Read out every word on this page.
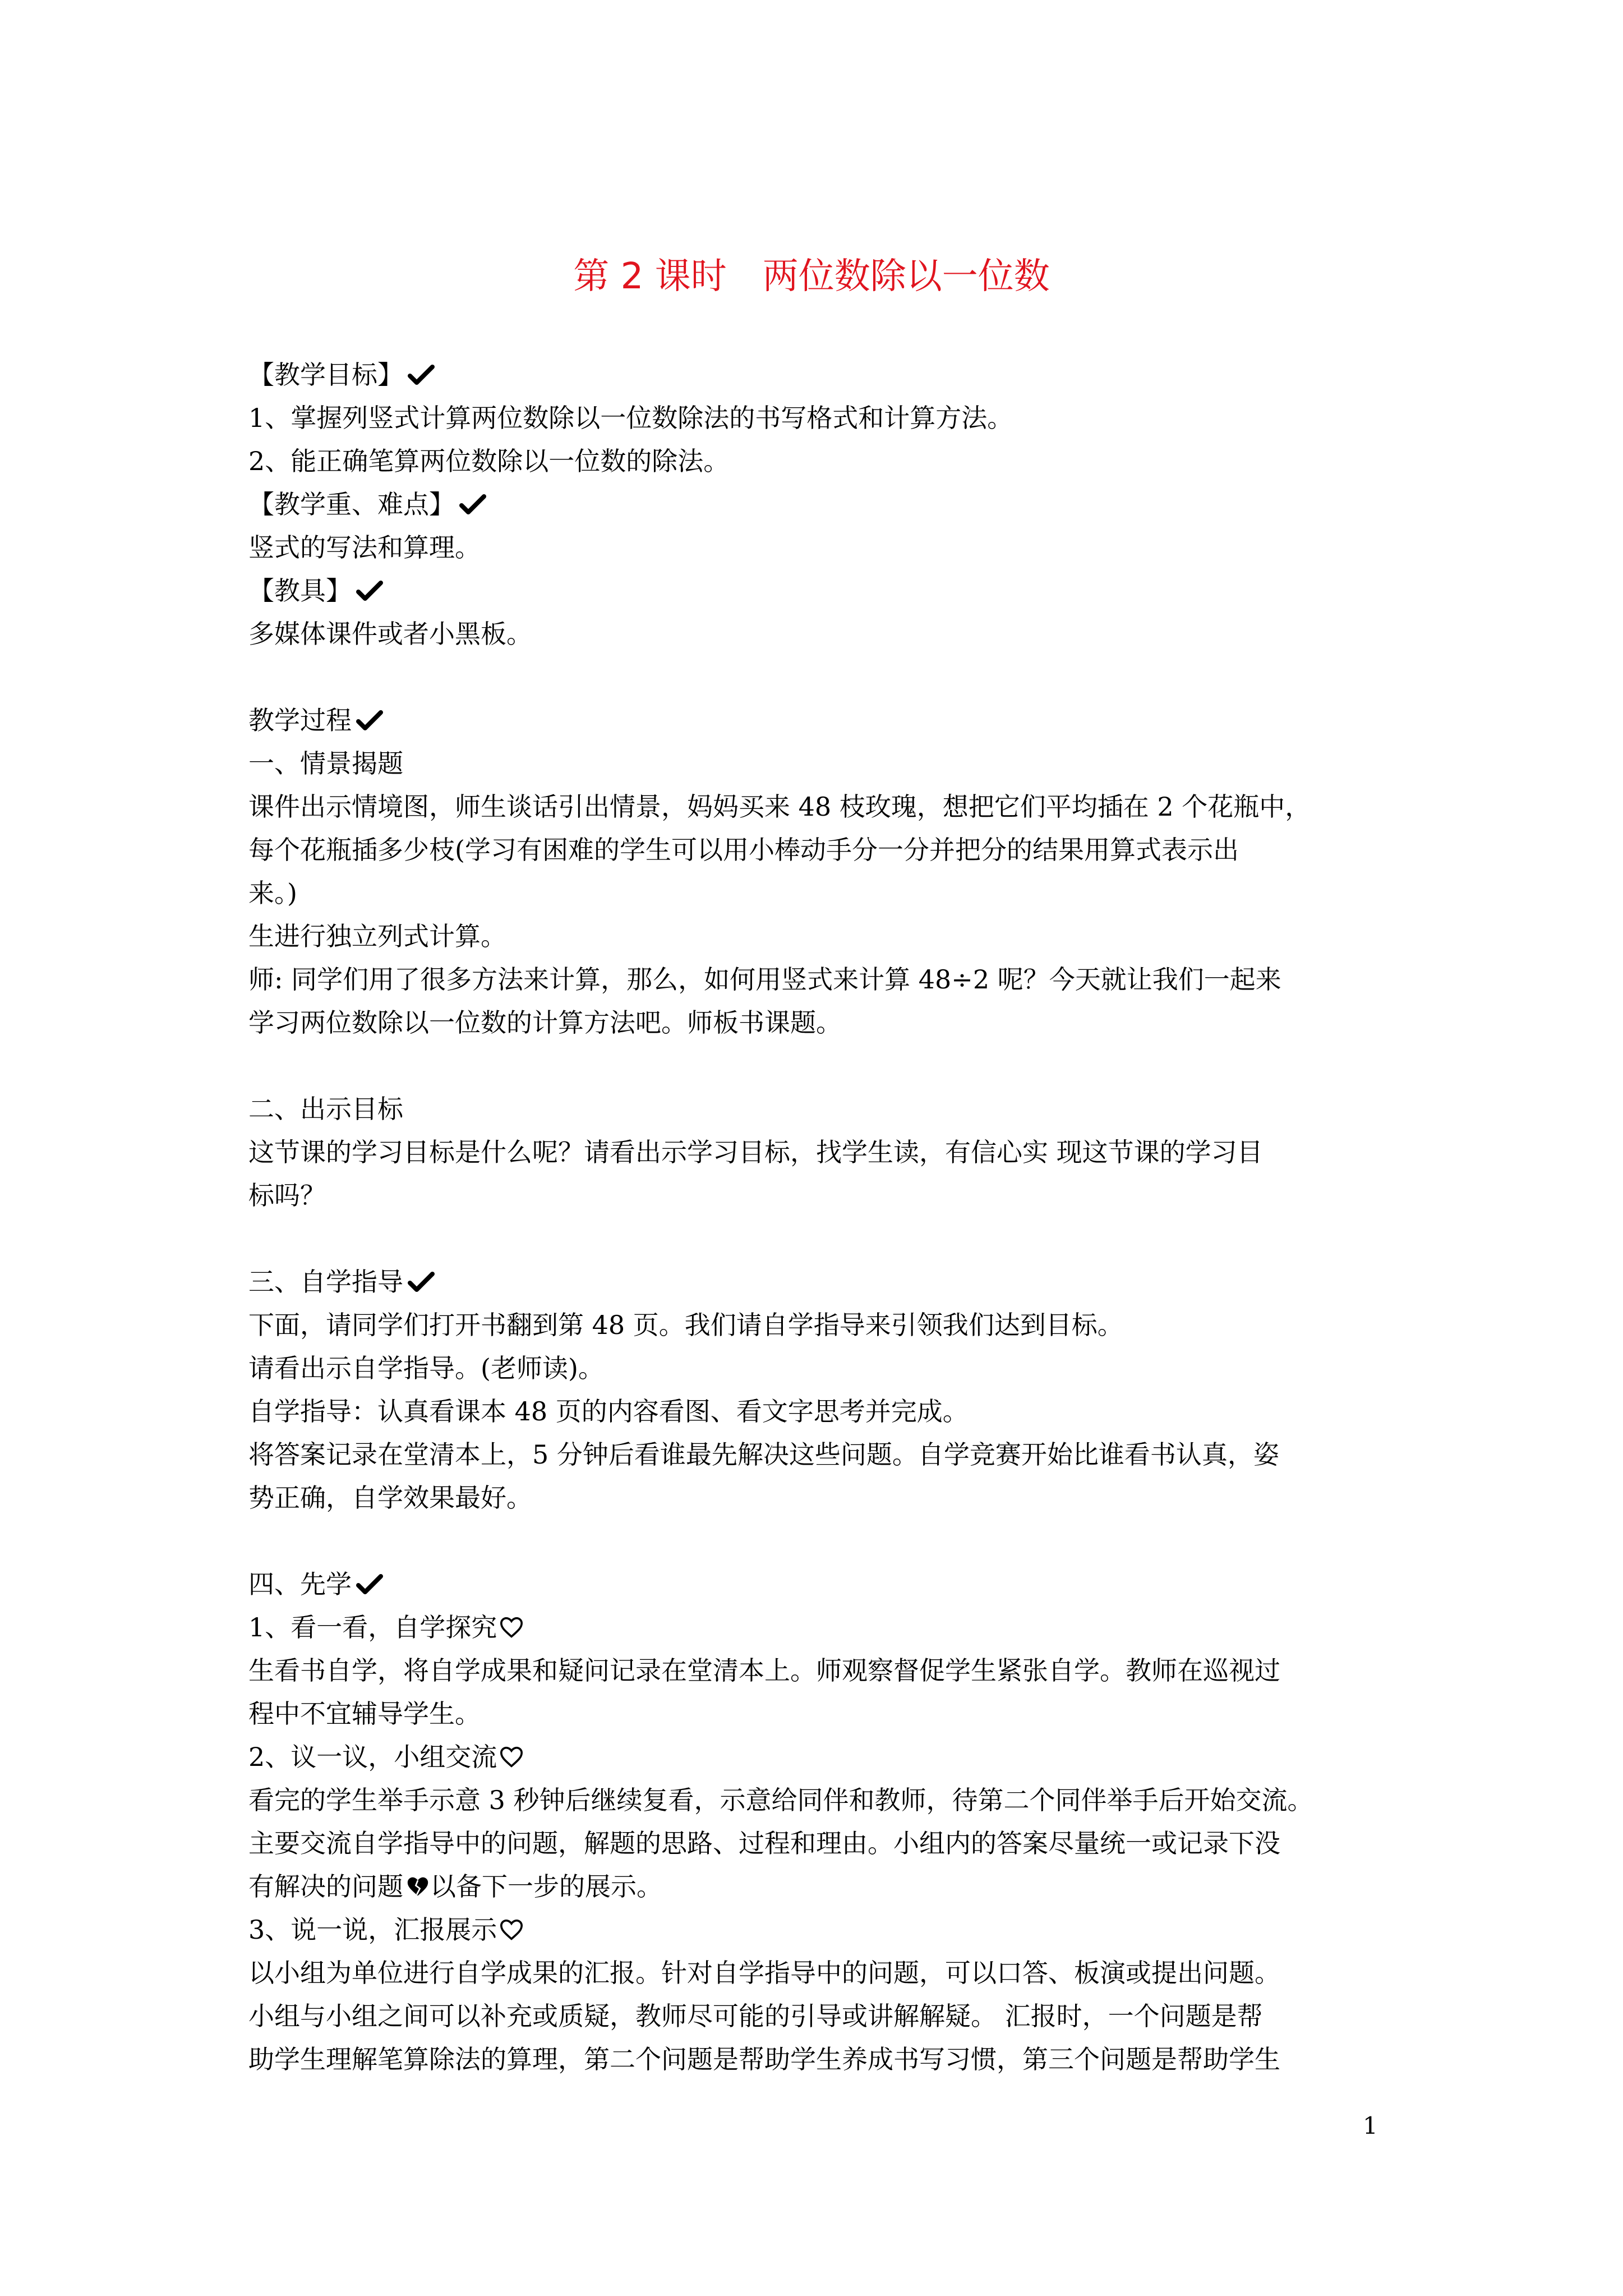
第 2 课时　两位数除以一位数
【教学目标】
1、掌握列竖式计算两位数除以一位数除法的书写格式和计算方法。
2、能正确笔算两位数除以一位数的除法。
【教学重、难点】
竖式的写法和算理。
【教具】
多媒体课件或者小黑板。
教学过程
一、情景揭题
课件出示情境图，师生谈话引出情景，妈妈买来 48 枝玫瑰，想把它们平均插在 2 个花瓶中，
每个花瓶插多少枝(学习有困难的学生可以用小棒动手分一分并把分的结果用算式表示出
来。)
生进行独立列式计算。
师: 同学们用了很多方法来计算，那么，如何用竖式来计算 48÷2 呢？今天就让我们一起来
学习两位数除以一位数的计算方法吧。师板书课题。
二、出示目标
这节课的学习目标是什么呢？请看出示学习目标，找学生读，有信心实 现这节课的学习目
标吗？
三、自学指导
下面，请同学们打开书翻到第 48 页。我们请自学指导来引领我们达到目标。
请看出示自学指导。(老师读)。
自学指导：认真看课本 48 页的内容看图、看文字思考并完成。
将答案记录在堂清本上，5 分钟后看谁最先解决这些问题。自学竞赛开始比谁看书认真，姿
势正确，自学效果最好。
四、先学
1、看一看，自学探究
生看书自学，将自学成果和疑问记录在堂清本上。师观察督促学生紧张自学。教师在巡视过
程中不宜辅导学生。
2、议一议，小组交流
看完的学生举手示意 3 秒钟后继续复看，示意给同伴和教师，待第二个同伴举手后开始交流。
主要交流自学指导中的问题，解题的思路、过程和理由。小组内的答案尽量统一或记录下没
有解决的问题 以备下一步的展示。
3、说一说，汇报展示
以小组为单位进行自学成果的汇报。针对自学指导中的问题，可以口答、板演或提出问题。
小组与小组之间可以补充或质疑，教师尽可能的引导或讲解解疑。 汇报时，一个问题是帮
助学生理解笔算除法的算理，第二个问题是帮助学生养成书写习惯，第三个问题是帮助学生
1
